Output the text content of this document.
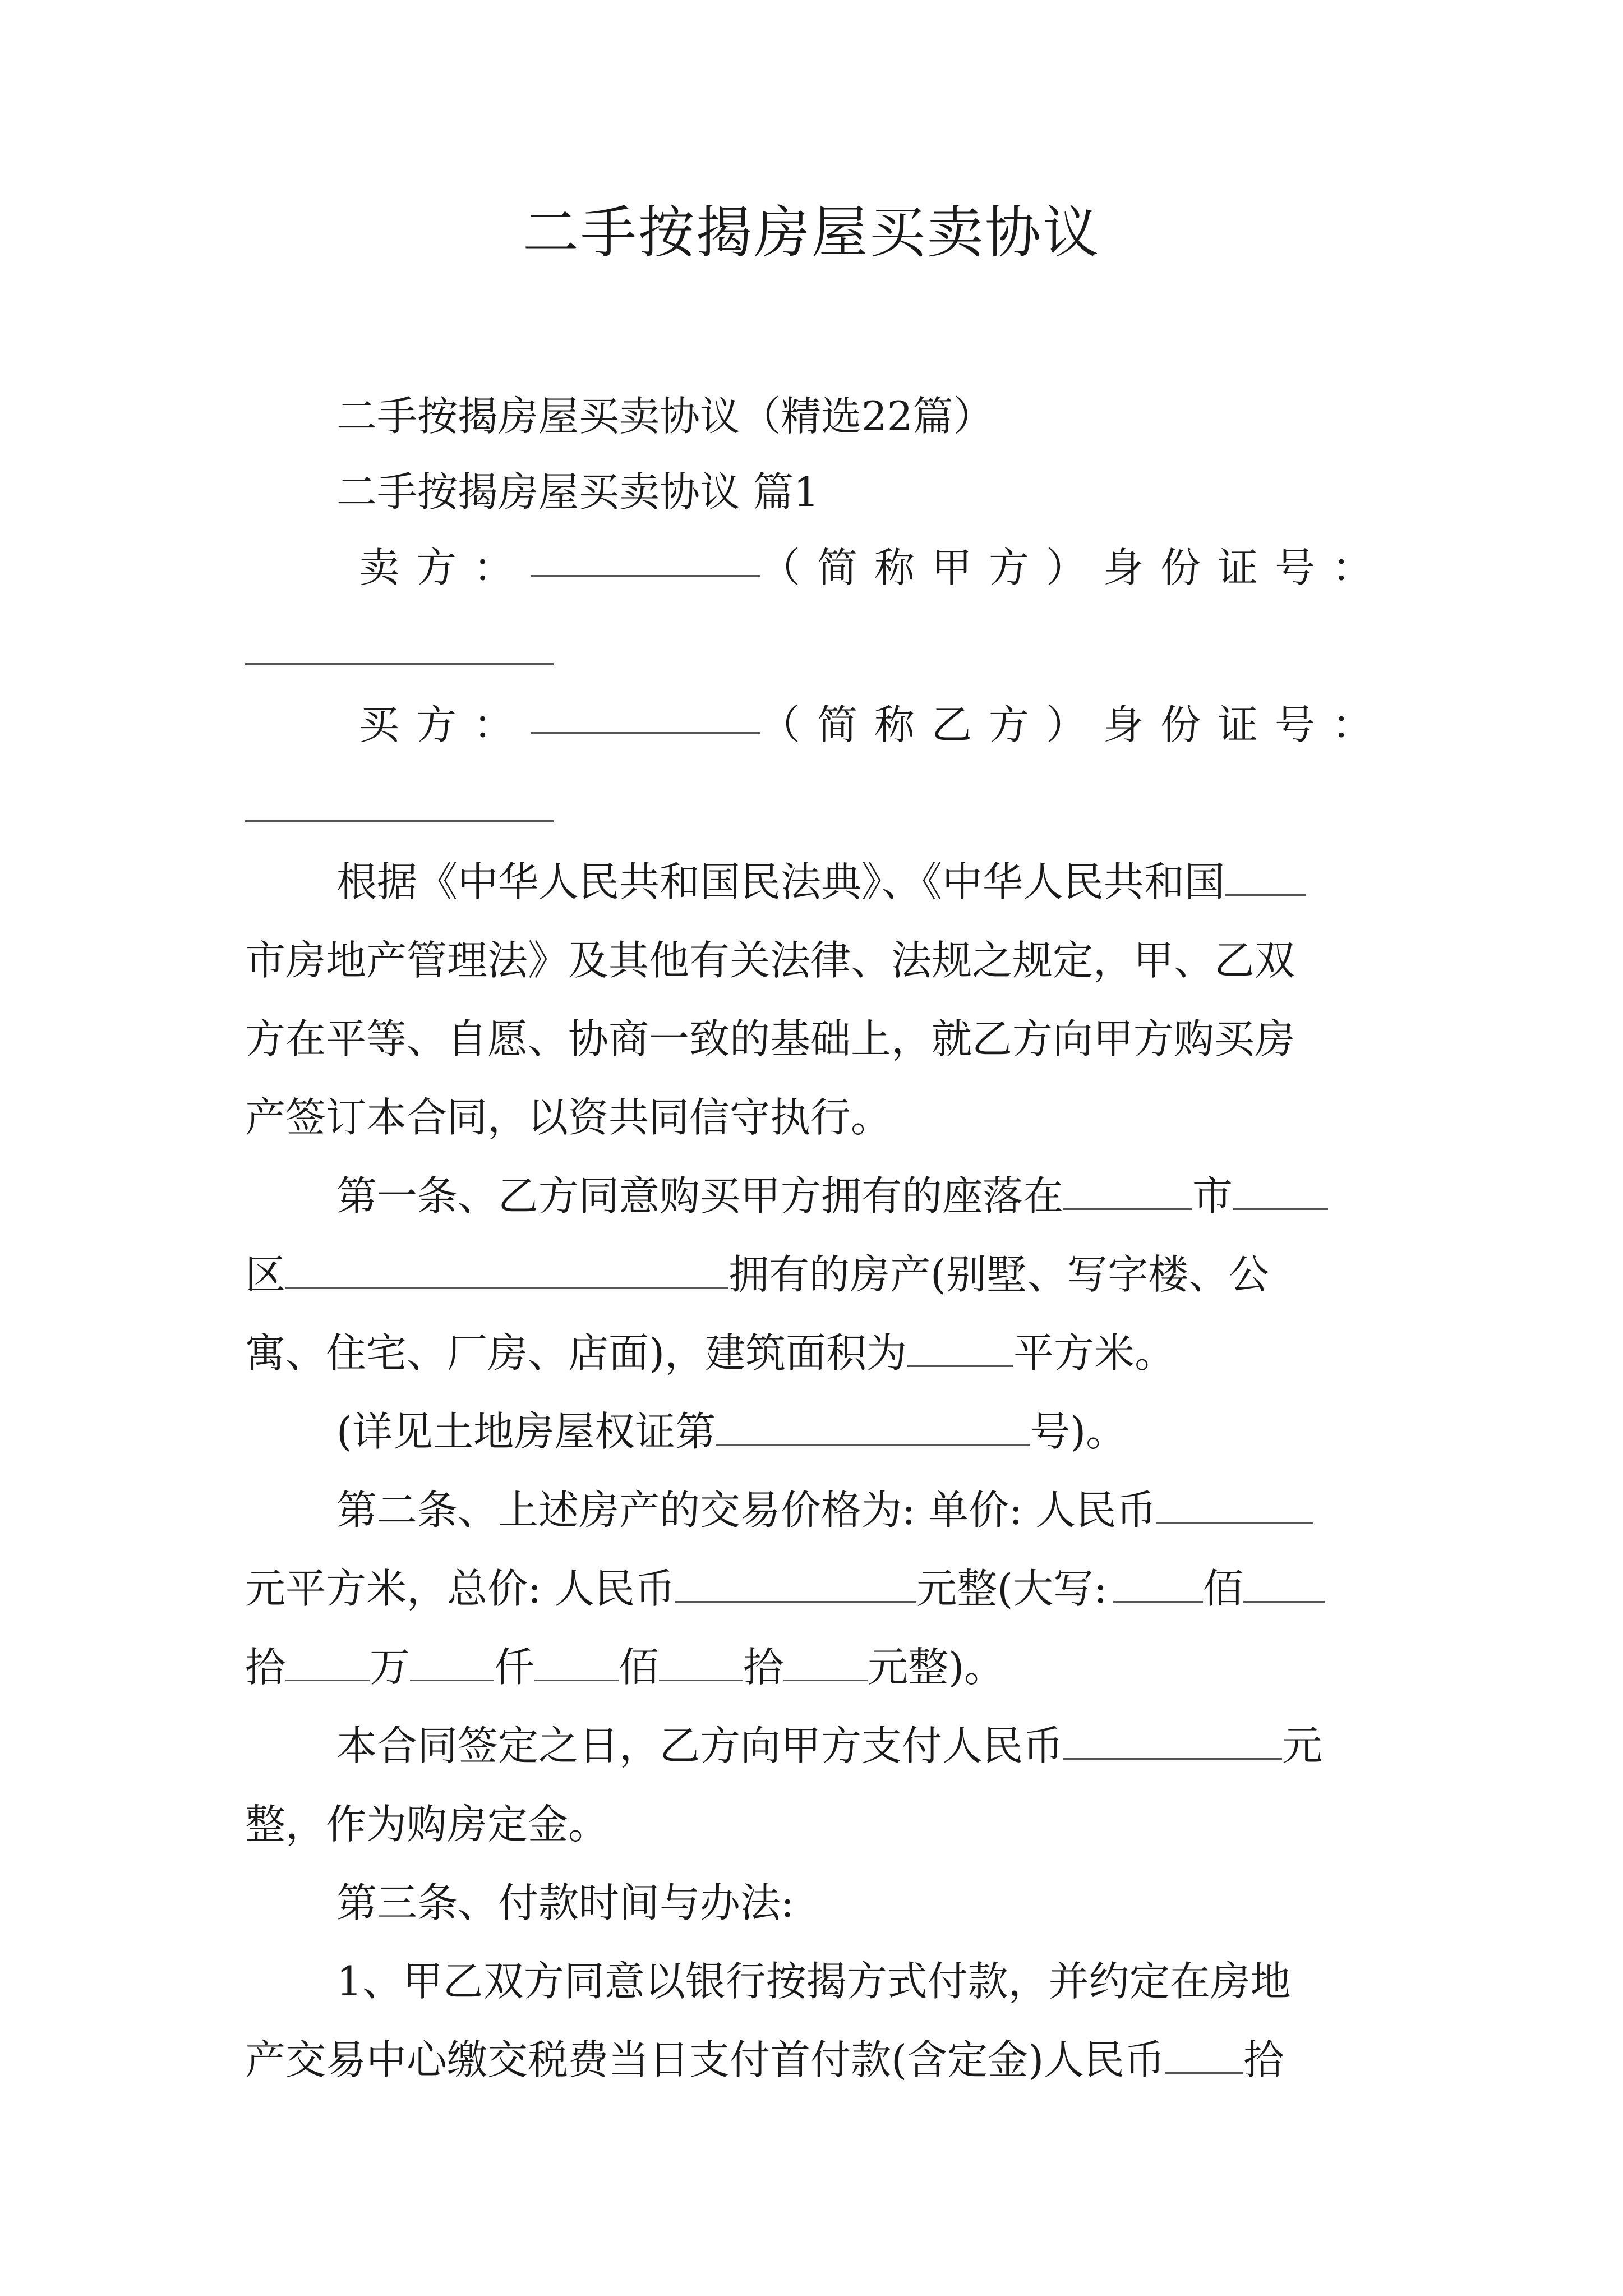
二手按揭房屋买卖协议
二手按揭房屋买卖协议（精选22篇）
二手按揭房屋买卖协议 篇1
卖方：	（简称甲方）身份证号：
买方：	（简称乙方）身份证号：
根据《中华人民共和国民法典》、《中华人民共和国
市房地产管理法》及其他有关法律、法规之规定，甲、乙双
方在平等、自愿、协商一致的基础上，就乙方向甲方购买房
产签订本合同，以资共同信守执行。
第一条、乙方同意购买甲方拥有的座落在	市
区	拥有的房产(别墅、写字楼、公
寓、住宅、厂房、店面)，建筑面积为	平方米。
(详见土地房屋权证第	号)。
第二条、上述房产的交易价格为: 单价: 人民币
元平方米，总价: 人民币	元整(大写: 佰
拾 万 仟 佰 拾 元整)。
本合同签定之日，乙方向甲方支付人民币	元
整，作为购房定金。
第三条、付款时间与办法:
1、甲乙双方同意以银行按揭方式付款，并约定在房地
产交易中心缴交税费当日支付首付款(含定金)人民币 拾
